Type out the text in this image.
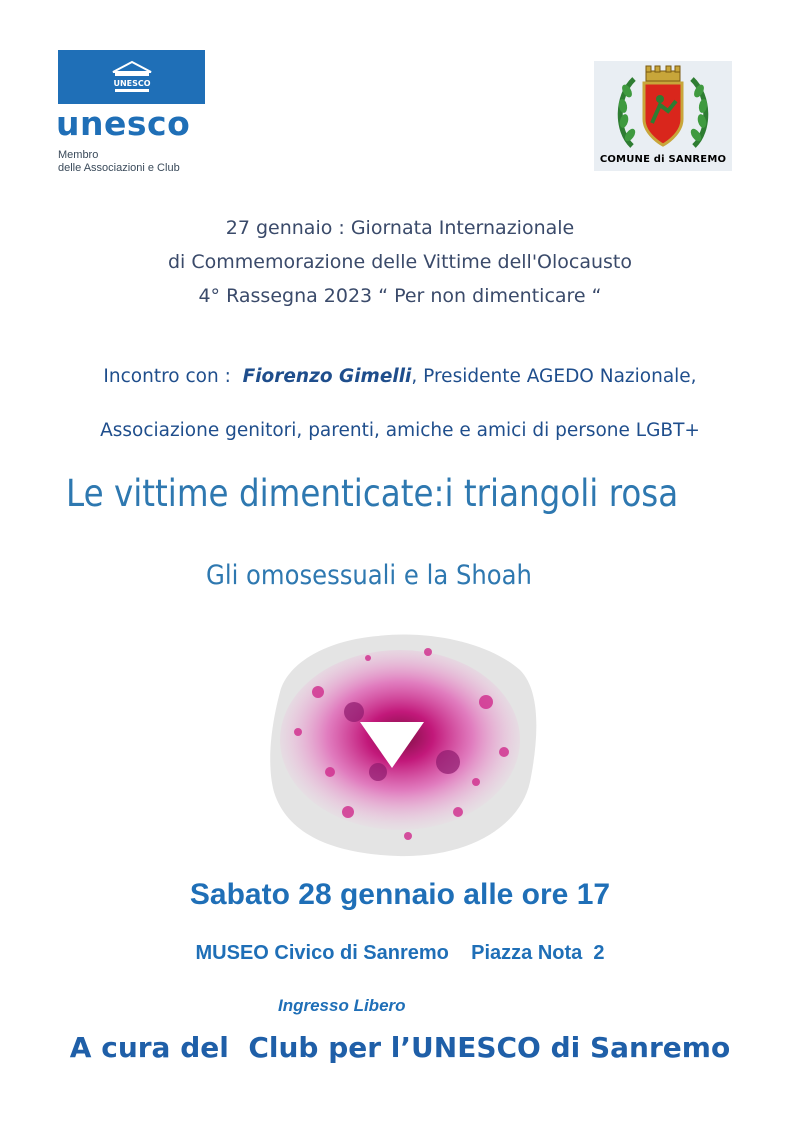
UNESCO
unesco
Membro
delle Associazioni e Club
COMUNE di SANREMO
27 gennaio : Giornata Internazionale
di Commemorazione delle Vittime dell'Olocausto
4° Rassegna 2023 “ Per non dimenticare “
Incontro con :  Fiorenzo Gimelli, Presidente AGEDO Nazionale,
Associazione genitori, parenti, amiche e amici di persone LGBT+
Le vittime dimenticate:i triangoli rosa
Gli omosessuali e la Shoah
Sabato 28 gennaio alle ore 17
MUSEO Civico di Sanremo    Piazza Nota  2
Ingresso Libero
A cura del  Club per l’UNESCO di Sanremo
